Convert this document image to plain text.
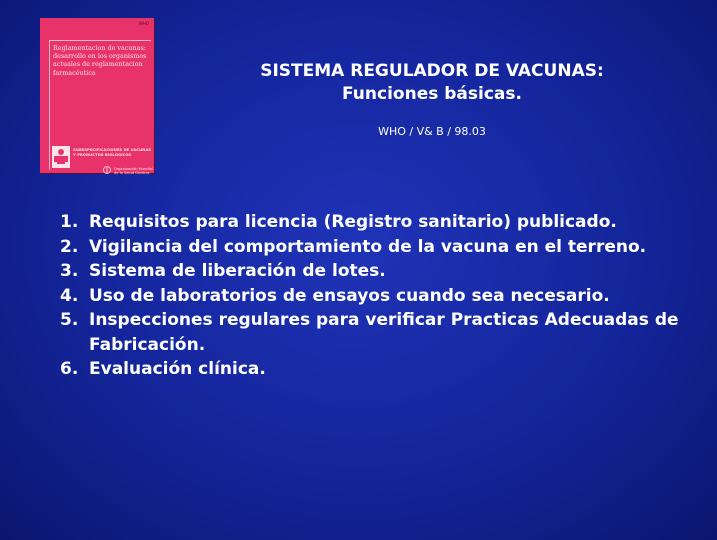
WHO
Reglamentacion de vacunas: desarrollo en los organismos actuales de reglamentacion farmacéutica
SUBESPECIFICACIONES DE VACUNAS Y PRODUCTOS BIOLÓGICOS
Organización Mundial de la Salud Ginebra
SISTEMA REGULADOR DE VACUNAS:
Funciones básicas.
WHO / V& B / 98.03
1. Requisitos para licencia (Registro sanitario) publicado.
2. Vigilancia del comportamiento de la vacuna en el terreno.
3. Sistema de liberación de lotes.
4. Uso de laboratorios de ensayos cuando sea necesario.
5. Inspecciones regulares para verificar Practicas Adecuadas de Fabricación.
6. Evaluación clínica.
